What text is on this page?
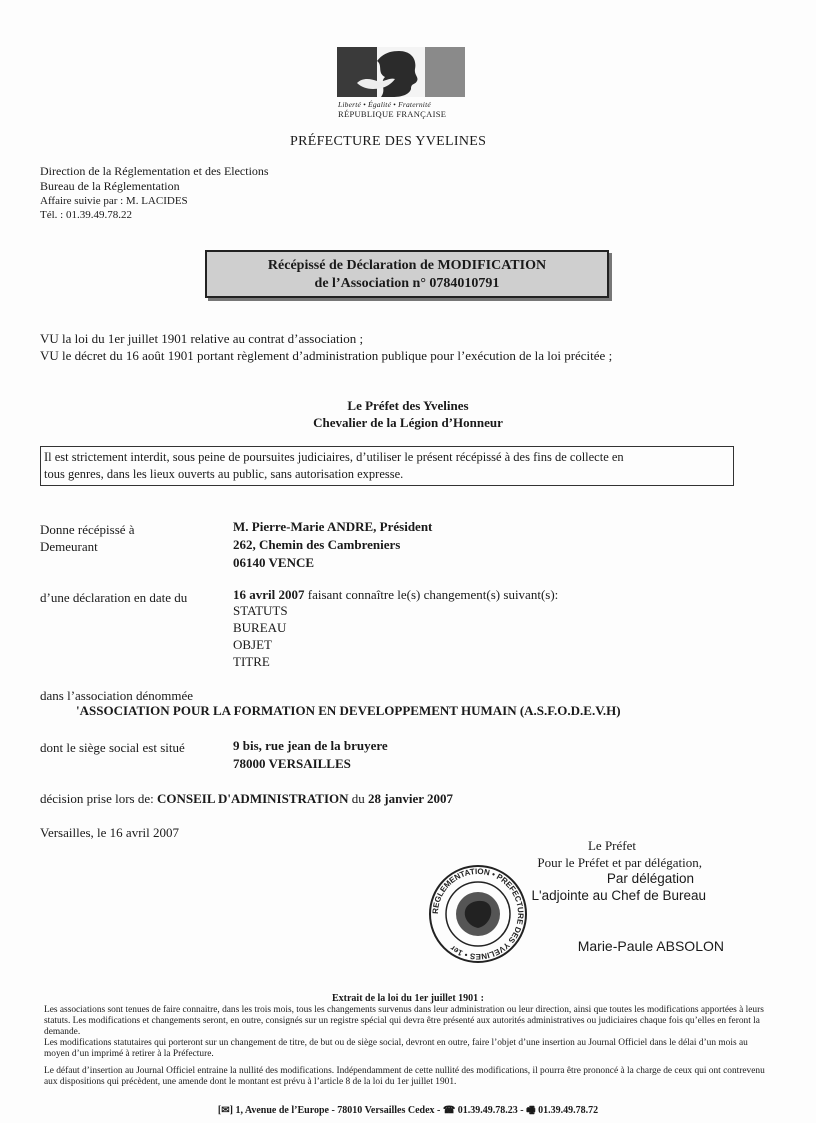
Liberté • Égalité • Fraternité
RÉPUBLIQUE FRANÇAISE
PRÉFECTURE DES YVELINES
Direction de la Réglementation et des Elections
Bureau de la Réglementation
Affaire suivie par : M. LACIDES
Tél. : 01.39.49.78.22
Récépissé de Déclaration de MODIFICATION
de l’Association n° 0784010791
VU la loi du 1er juillet 1901 relative au contrat d’association ;
VU le décret du 16 août 1901 portant règlement d’administration publique pour l’exécution de la loi précitée ;
Le Préfet des Yvelines
Chevalier de la Légion d’Honneur
Il est strictement interdit, sous peine de poursuites judiciaires, d’utiliser le présent récépissé à des fins de collecte en
tous genres, dans les lieux ouverts au public, sans autorisation expresse.
Donne récépissé à
Demeurant
M. Pierre-Marie ANDRE, Président
262, Chemin des Cambreniers
06140 VENCE
d’une déclaration en date du	16 avril 2007 faisant connaître le(s) changement(s) suivant(s):
STATUTS
BUREAU
OBJET
TITRE
dans l’association dénommée
'ASSOCIATION POUR LA FORMATION EN DEVELOPPEMENT HUMAIN (A.S.F.O.D.E.V.H)
dont le siège social est situé	9 bis, rue jean de la bruyere
78000 VERSAILLES
décision prise lors de: CONSEIL D'ADMINISTRATION du 28 janvier 2007
Versailles, le 16 avril 2007
Le Préfet
Pour le Préfet et par délégation,
Par délégation
L'adjointe au Chef de Bureau
Marie-Paule ABSOLON
REGLEMENTATION • PREFECTURE DES YVELINES • 1er
Extrait de la loi du 1er juillet 1901 :
Les associations sont tenues de faire connaitre, dans les trois mois, tous les changements survenus dans leur administration ou leur direction, ainsi que toutes les modifications apportées à leurs statuts. Les modifications et changements seront, en outre, consignés sur un registre spécial qui devra être présenté aux autorités administratives ou judiciaires chaque fois qu’elles en feront la demande.
Les modifications statutaires qui porteront sur un changement de titre, de but ou de siège social, devront en outre, faire l’objet d’une insertion au Journal Officiel dans le délai d’un mois au moyen d’un imprimé à retirer à la Préfecture.
Le défaut d’insertion au Journal Officiel entraine la nullité des modifications. Indépendamment de cette nullité des modifications, il pourra être prononcé à la charge de ceux qui ont contrevenu aux dispositions qui précèdent, une amende dont le montant est prévu à l’article 8 de la loi du 1er juillet 1901.
[✉] 1, Avenue de l’Europe - 78010 Versailles Cedex - ☎ 01.39.49.78.23 - 🖷 01.39.49.78.72
